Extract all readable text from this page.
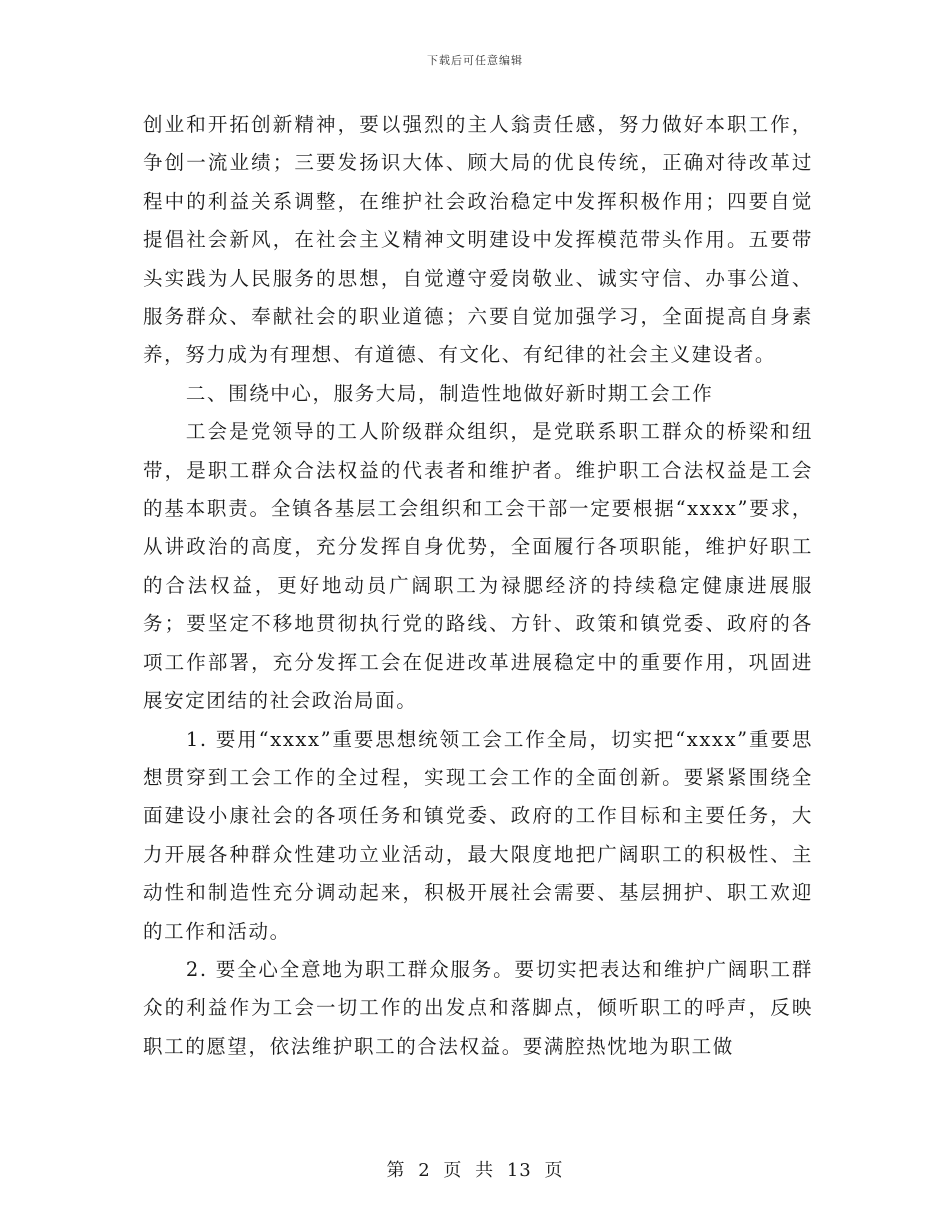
下载后可任意编辑

创业和开拓创新精神，要以强烈的主人翁责任感，努力做好本职工作，争创一流业绩；三要发扬识大体、顾大局的优良传统，正确对待改革过程中的利益关系调整，在维护社会政治稳定中发挥积极作用；四要自觉提倡社会新风，在社会主义精神文明建设中发挥模范带头作用。五要带头实践为人民服务的思想，自觉遵守爱岗敬业、诚实守信、办事公道、服务群众、奉献社会的职业道德；六要自觉加强学习，全面提高自身素养，努力成为有理想、有道德、有文化、有纪律的社会主义建设者。

二、围绕中心，服务大局，制造性地做好新时期工会工作

工会是党领导的工人阶级群众组织，是党联系职工群众的桥梁和纽带，是职工群众合法权益的代表者和维护者。维护职工合法权益是工会的基本职责。全镇各基层工会组织和工会干部一定要根据“xxxx”要求，从讲政治的高度，充分发挥自身优势，全面履行各项职能，维护好职工的合法权益，更好地动员广阔职工为禄腮经济的持续稳定健康进展服务；要坚定不移地贯彻执行党的路线、方针、政策和镇党委、政府的各项工作部署，充分发挥工会在促进改革进展稳定中的重要作用，巩固进展安定团结的社会政治局面。

1. 要用“xxxx”重要思想统领工会工作全局，切实把“xxxx”重要思想贯穿到工会工作的全过程，实现工会工作的全面创新。要紧紧围绕全面建设小康社会的各项任务和镇党委、政府的工作目标和主要任务，大力开展各种群众性建功立业活动，最大限度地把广阔职工的积极性、主动性和制造性充分调动起来，积极开展社会需要、基层拥护、职工欢迎的工作和活动。

2. 要全心全意地为职工群众服务。要切实把表达和维护广阔职工群众的利益作为工会一切工作的出发点和落脚点，倾听职工的呼声，反映职工的愿望，依法维护职工的合法权益。要满腔热忱地为职工做

第 2 页 共 13 页
